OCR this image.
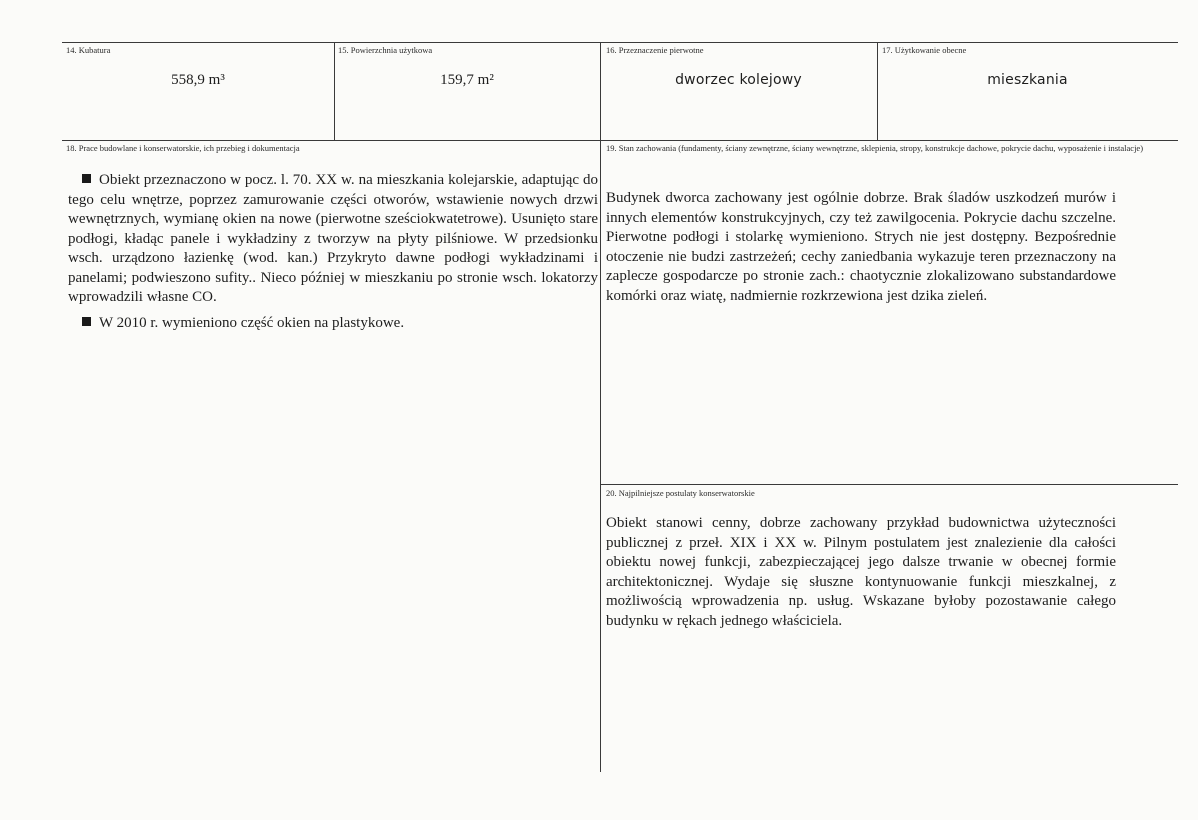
14. Kubatura
558,9 m³
15. Powierzchnia użytkowa
159,7 m²
16. Przeznaczenie pierwotne
dworzec kolejowy
17. Użytkowanie obecne
mieszkania
18. Prace budowlane i konserwatorskie, ich przebieg i dokumentacja

Obiekt przeznaczono w pocz. l. 70. XX w. na mieszkania kolejarskie, adaptując do tego celu wnętrze, poprzez zamurowanie części otworów, wstawienie nowych drzwi wewnętrznych, wymianę okien na nowe (pierwotne sześciokwatetrowe). Usunięto stare podłogi, kładąc panele i wykładziny z tworzyw na płyty pilśniowe. W przedsionku wsch. urządzono łazienkę (wod. kan.) Przykryto dawne podłogi wykładzinami i panelami; podwieszono sufity.. Nieco później w mieszkaniu po stronie wsch. lokatorzy wprowadzili własne CO.

W 2010 r. wymieniono część okien na plastykowe.

19. Stan zachowania (fundamenty, ściany zewnętrzne, ściany wewnętrzne, sklepienia, stropy, konstrukcje dachowe, pokrycie dachu, wyposażenie i instalacje)
Budynek dworca zachowany jest ogólnie dobrze. Brak śladów uszkodzeń murów i innych elementów konstrukcyjnych, czy też zawilgocenia. Pokrycie dachu szczelne. Pierwotne podłogi i stolarkę wymieniono. Strych nie jest dostępny. Bezpośrednie otoczenie nie budzi zastrzeżeń; cechy zaniedbania wykazuje teren przeznaczony na zaplecze gospodarcze po stronie zach.: chaotycznie zlokalizowano substandardowe komórki oraz wiatę, nadmiernie rozkrzewiona jest dzika zieleń.
20. Najpilniejsze postulaty konserwatorskie
Obiekt stanowi cenny, dobrze zachowany przykład budownictwa użyteczności publicznej z przeł. XIX i XX w. Pilnym postulatem jest znalezienie dla całości obiektu nowej funkcji, zabezpieczającej jego dalsze trwanie w obecnej formie architektonicznej. Wydaje się słuszne kontynuowanie funkcji mieszkalnej, z możliwością wprowadzenia np. usług. Wskazane byłoby pozostawanie całego budynku w rękach jednego właściciela.
